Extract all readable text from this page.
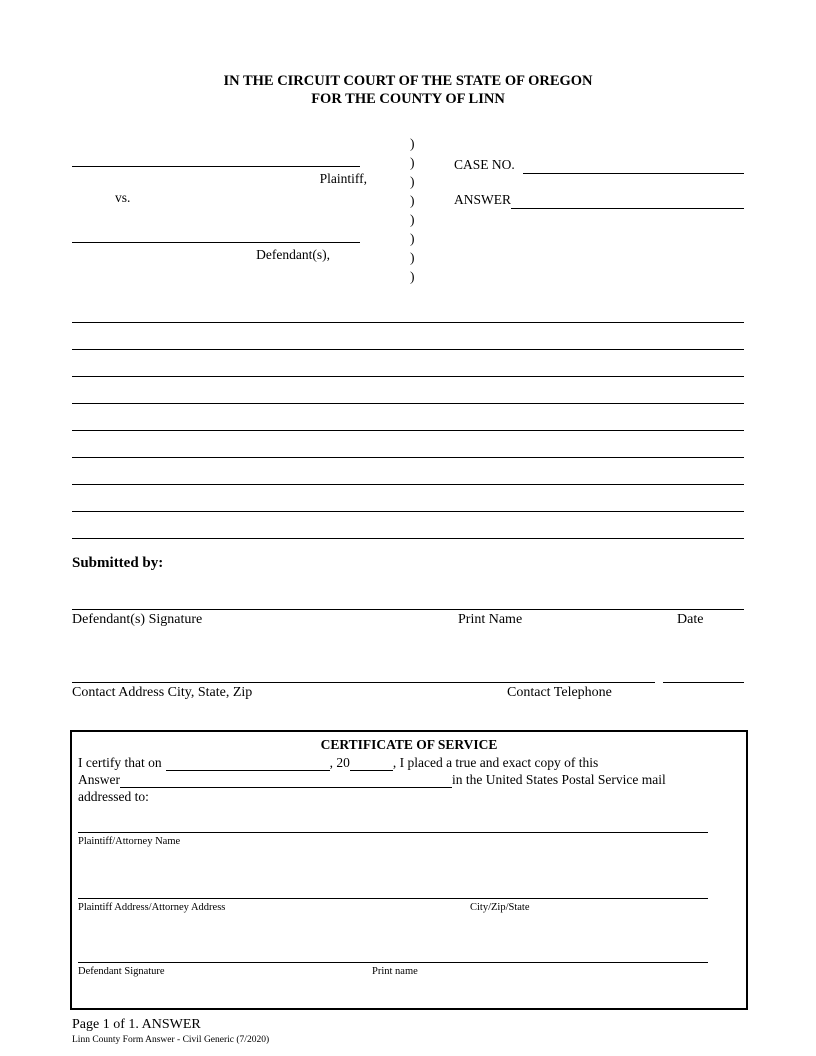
IN THE CIRCUIT COURT OF THE STATE OF OREGON
FOR THE COUNTY OF LINN
Plaintiff,
vs.
Defendant(s),
)
)
)
)
)
)
)
)
CASE NO.
ANSWER
Submitted by:
Defendant(s) Signature	Print Name	Date
Contact Address City, State, Zip	Contact Telephone
CERTIFICATE OF SERVICE
I certify that on	, 20	, I placed a true and exact copy of this
Answer	in the United States Postal Service mail
addressed to:
Plaintiff/Attorney Name
Plaintiff Address/Attorney Address	City/Zip/State
Defendant Signature	Print name
Page 1 of 1. ANSWER
Linn County Form Answer - Civil Generic (7/2020)
